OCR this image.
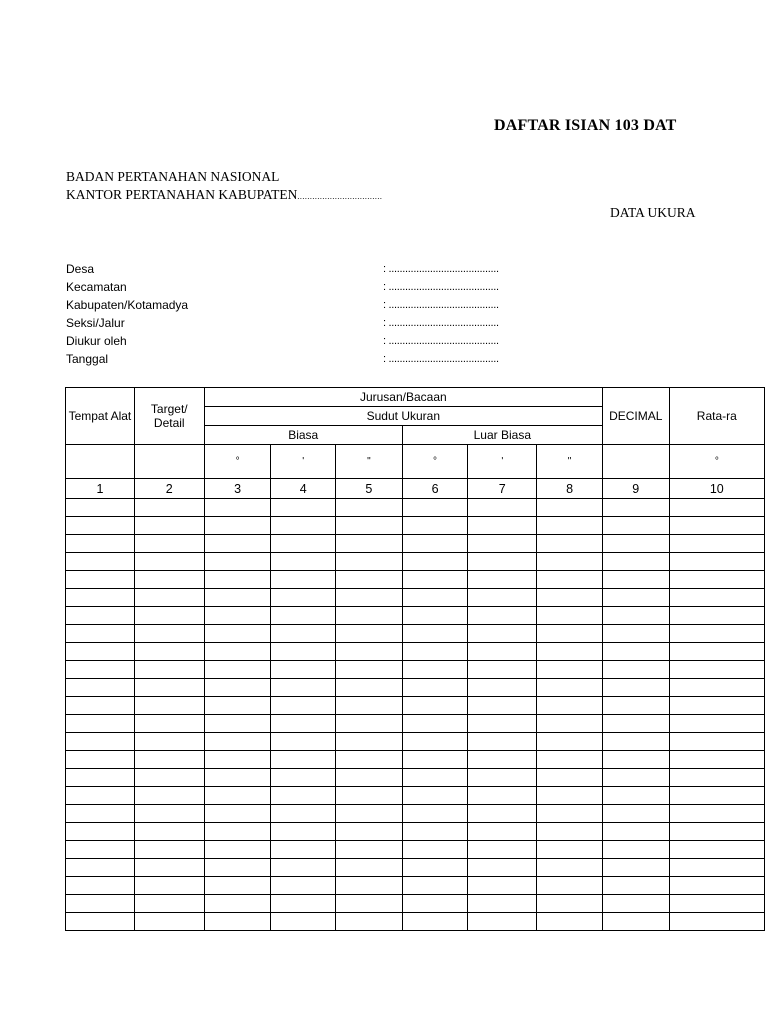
DAFTAR ISIAN 103 DAT
BADAN PERTANAHAN NASIONAL
KANTOR PERTANAHAN KABUPATEN..................................
DATA UKURA
Desa	: ........................................
Kecamatan	: ........................................
Kabupaten/Kotamadya	: ........................................
Seksi/Jalur	: ........................................
Diukur oleh	: ........................................
Tanggal	: ........................................
Tempat Alat	Target/ Detail	Jurusan/Bacaan						DECIMAL	Rata-ra
		Sudut Ukuran							
		Biasa			Luar Biasa				
		°	'	"	°	'	"		°
1	2	3	4	5	6	7	8	9	10
